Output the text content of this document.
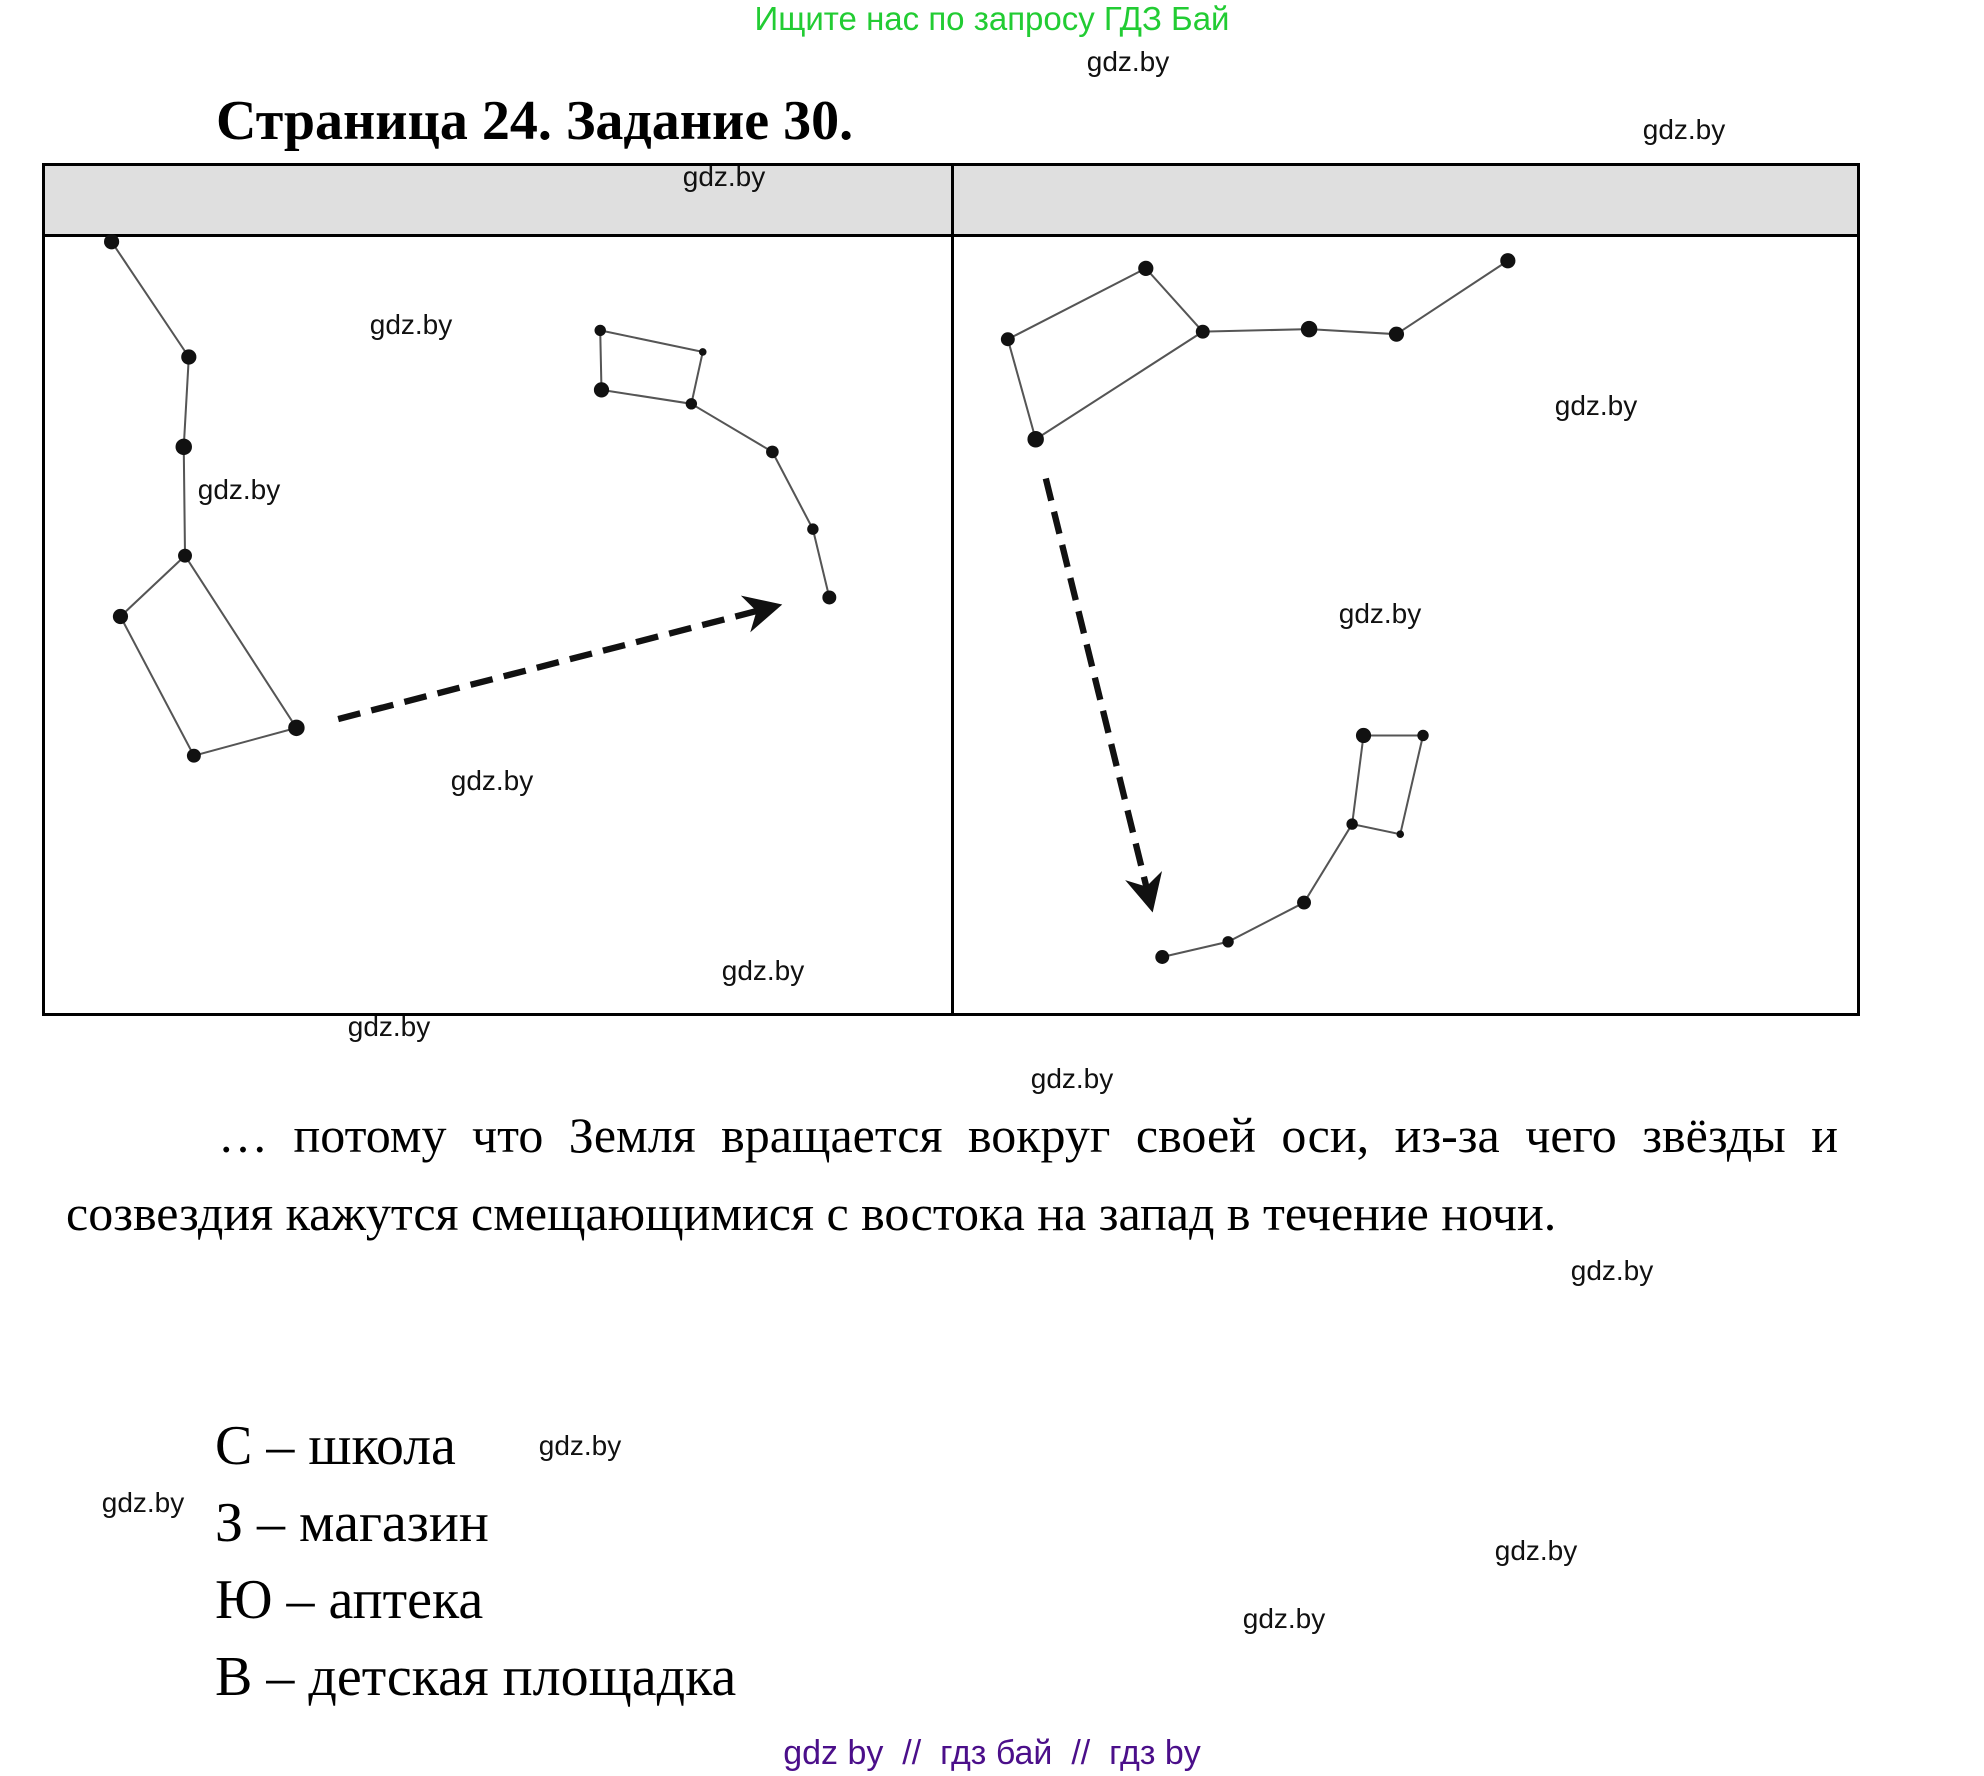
Ищите нас по запросу ГДЗ Бай
Страница 24. Задание 30.
… потому что Земля вращается вокруг своей оси, из-за чего звёзды и созвездия кажутся смещающимися с востока на запад в течение ночи.
С – школа
З – магазин
Ю – аптека
В – детская площадка
gdz.by
gdz.by
gdz.by
gdz.by
gdz.by
gdz.by
gdz.by
gdz.by
gdz.by
gdz.by
gdz.by
gdz.by
gdz.by
gdz.by
gdz.by
gdz.by
gdz by  //  гдз бай  //  гдз by
